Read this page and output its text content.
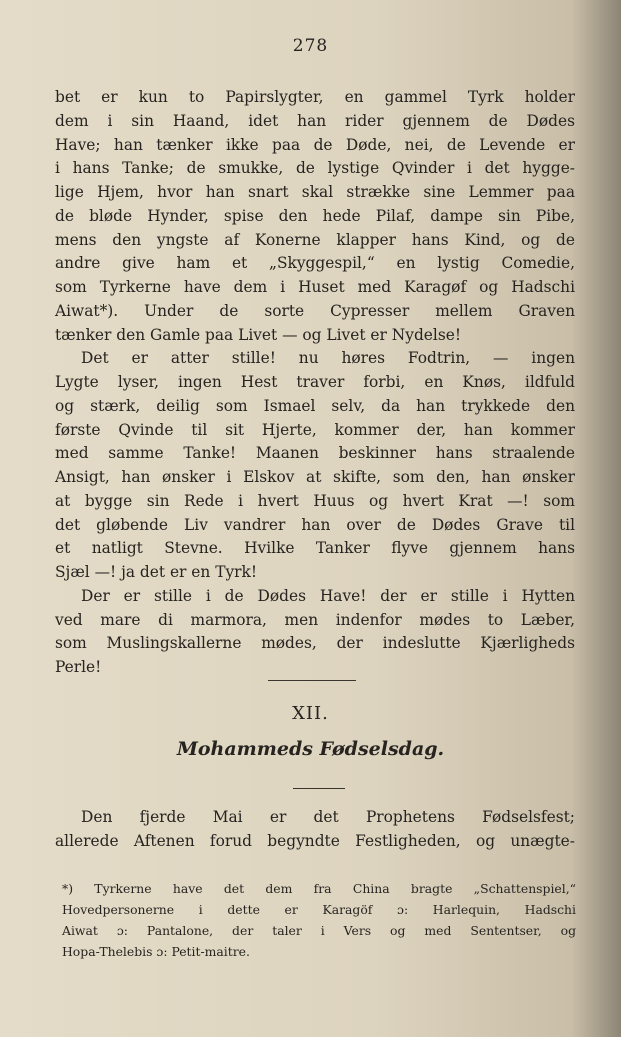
278
bet er kun to Papirslygter, en gammel Tyrk holder
dem i sin Haand, idet han rider gjennem de Dødes
Have; han tænker ikke paa de Døde, nei, de Levende er
i hans Tanke; de smukke, de lystige Qvinder i det hygge-
lige Hjem, hvor han snart skal strække sine Lemmer paa
de bløde Hynder, spise den hede Pilaf, dampe sin Pibe,
mens den yngste af Konerne klapper hans Kind, og de
andre give ham et „Skyggespil,“ en lystig Comedie,
som Tyrkerne have dem i Huset med Karagøf og Hadschi
Aiwat*). Under de sorte Cypresser mellem Graven
tænker den Gamle paa Livet — og Livet er Nydelse!
Det er atter stille! nu høres Fodtrin, — ingen
Lygte lyser, ingen Hest traver forbi, en Knøs, ildfuld
og stærk, deilig som Ismael selv, da han trykkede den
første Qvinde til sit Hjerte, kommer der, han kommer
med samme Tanke! Maanen beskinner hans straalende
Ansigt, han ønsker i Elskov at skifte, som den, han ønsker
at bygge sin Rede i hvert Huus og hvert Krat —! som
det gløbende Liv vandrer han over de Dødes Grave til
et natligt Stevne. Hvilke Tanker flyve gjennem hans
Sjæl —! ja det er en Tyrk!
Der er stille i de Dødes Have! der er stille i Hytten
ved mare di marmora, men indenfor mødes to Læber,
som Muslingskallerne mødes, der indeslutte Kjærligheds
Perle!
XII.
Mohammeds Fødselsdag.
Den fjerde Mai er det Prophetens Fødselsfest;
allerede Aftenen forud begyndte Festligheden, og unægte-
*) Tyrkerne have det dem fra China bragte „Schattenspiel,“
Hovedpersonerne i dette er Karagöf ɔ: Harlequin, Hadschi
Aiwat ɔ: Pantalone, der taler i Vers og med Sententser, og
Hopa-Thelebis ɔ: Petit-maitre.
